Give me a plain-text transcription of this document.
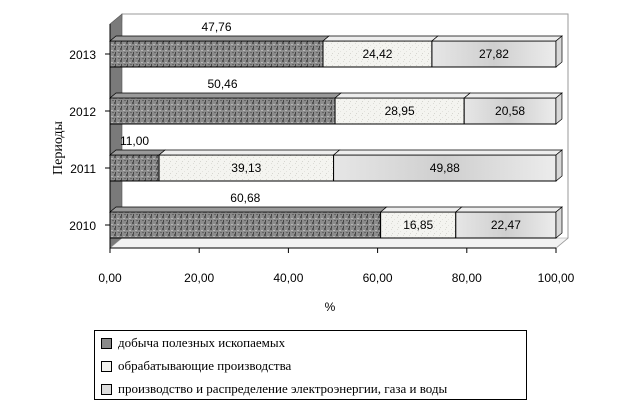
0,00	20,00	40,00	60,00	80,00	100,00
2010
2011
2012
2013
60,68
16,85	22,47
11,00
39,13	49,88
50,46
28,95	20,58
47,76
24,42	27,82
%
Периоды
добыча полезных ископаемых
обрабатывающие производства
производство и распределение электроэнергии, газа и воды
